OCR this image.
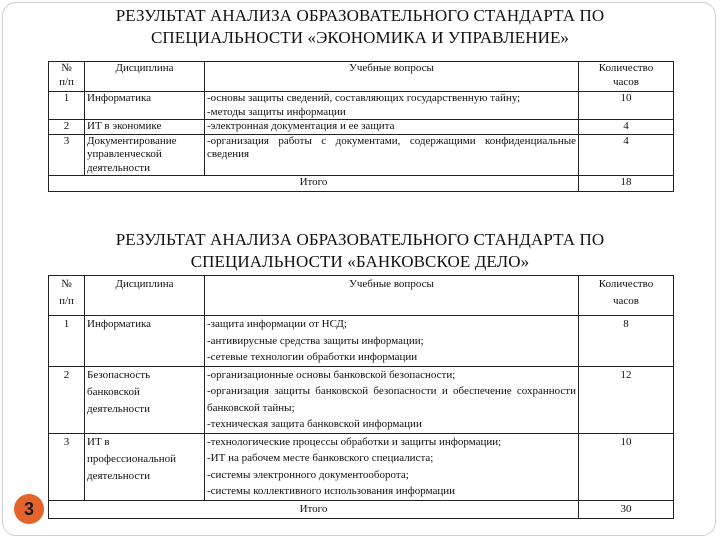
РЕЗУЛЬТАТ АНАЛИЗА ОБРАЗОВАТЕЛЬНОГО СТАНДАРТА ПО
СПЕЦИАЛЬНОСТИ «ЭКОНОМИКА И УПРАВЛЕНИЕ»
№
п/п	Дисциплина	Учебные вопросы	Количество
часов

1	Информатика	-основы защиты сведений, составляющих государственную тайну;
-методы защиты информации	10
2	ИТ в экономике	-электронная документация и ее защита	4
3	Документирование
управленческой
деятельности	-организация работы с документами, содержащими конфиденциальные сведения	4
Итого			18
РЕЗУЛЬТАТ АНАЛИЗА ОБРАЗОВАТЕЛЬНОГО СТАНДАРТА ПО
СПЕЦИАЛЬНОСТИ «БАНКОВСКОЕ ДЕЛО»
№
п/п	Дисциплина	Учебные вопросы	Количество
часов

1	Информатика	-защита информации от НСД;
-антивирусные средства защиты информации;
-сетевые технологии обработки информации	8
2	Безопасность
банковской
деятельности	-организационные основы банковской безопасности;
-организация защиты банковской безопасности и обеспечение сохранности банковской тайны;
-техническая защита банковской информации	12
3	ИТ в
профессиональной
деятельности	-технологические процессы обработки и защиты информации;
-ИТ на рабочем месте банковского специалиста;
-системы электронного документооборота;
-системы коллективного использования информации	10
Итого			30
3
